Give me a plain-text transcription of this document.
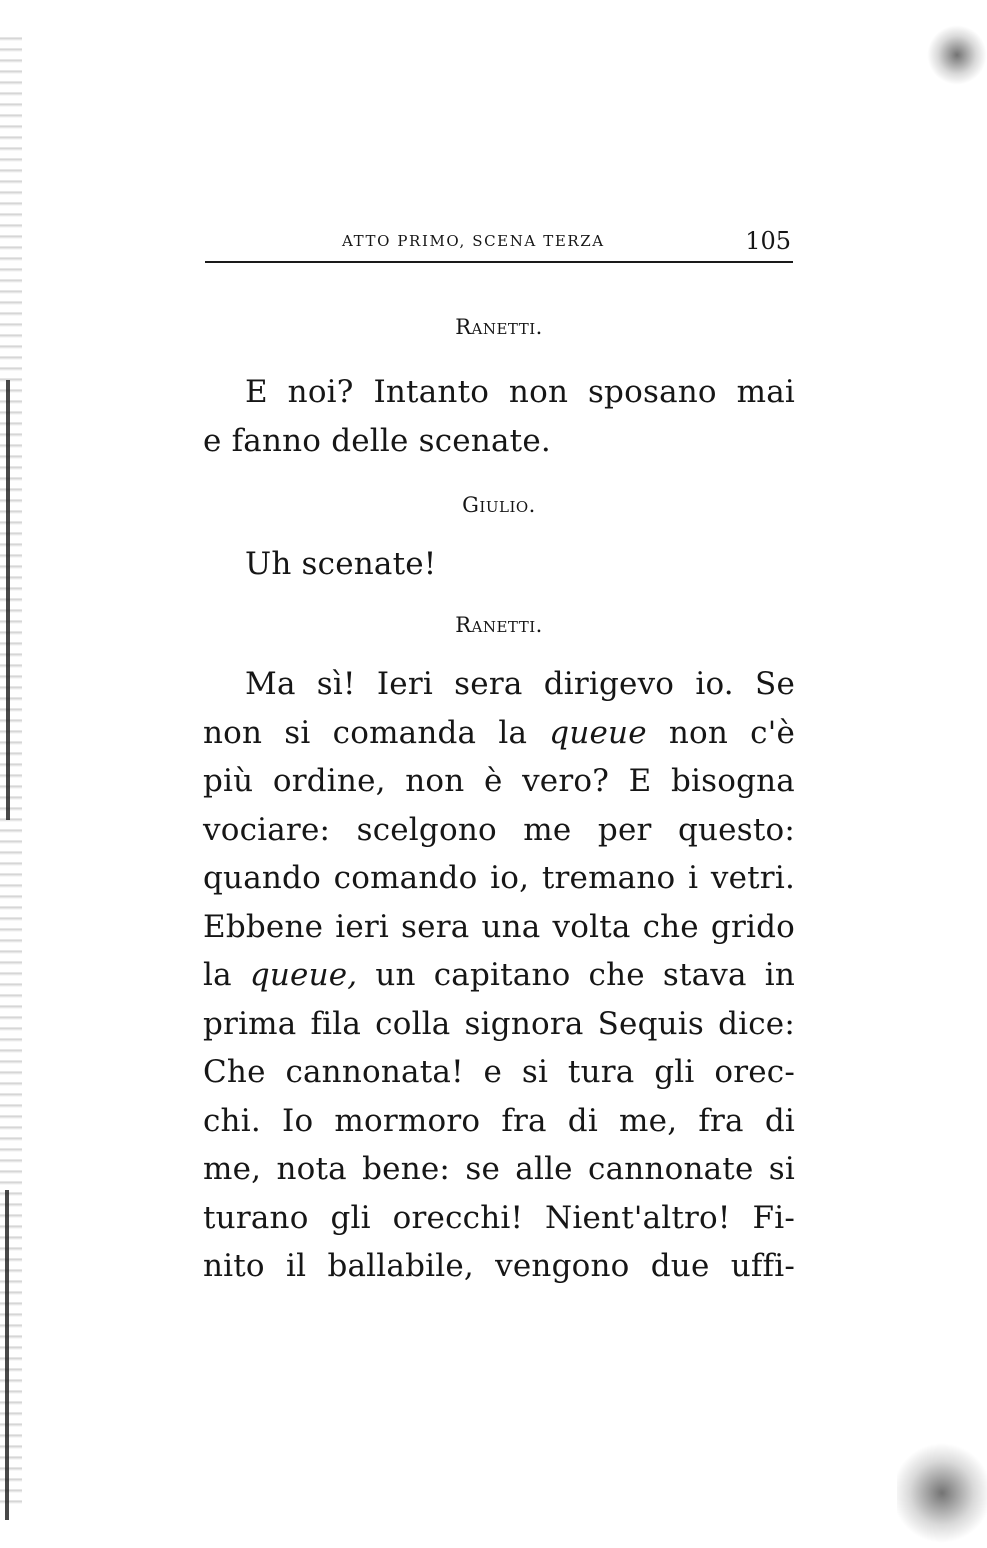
ATTO PRIMO, SCENA TERZA	105
Ranetti.
E noi? Intanto non sposano mai
e fanno delle scenate.
Giulio.
Uh scenate!
Ranetti.
Ma sì! Ieri sera dirigevo io. Se
non si comanda la queue non c'è
più ordine, non è vero? E bisogna
vociare: scelgono me per questo:
quando comando io, tremano i vetri.
Ebbene ieri sera una volta che grido
la queue, un capitano che stava in
prima fila colla signora Sequis dice:
Che cannonata! e si tura gli orec-
chi. Io mormoro fra di me, fra di
me, nota bene: se alle cannonate si
turano gli orecchi! Nient'altro! Fi-
nito il ballabile, vengono due uffi-
